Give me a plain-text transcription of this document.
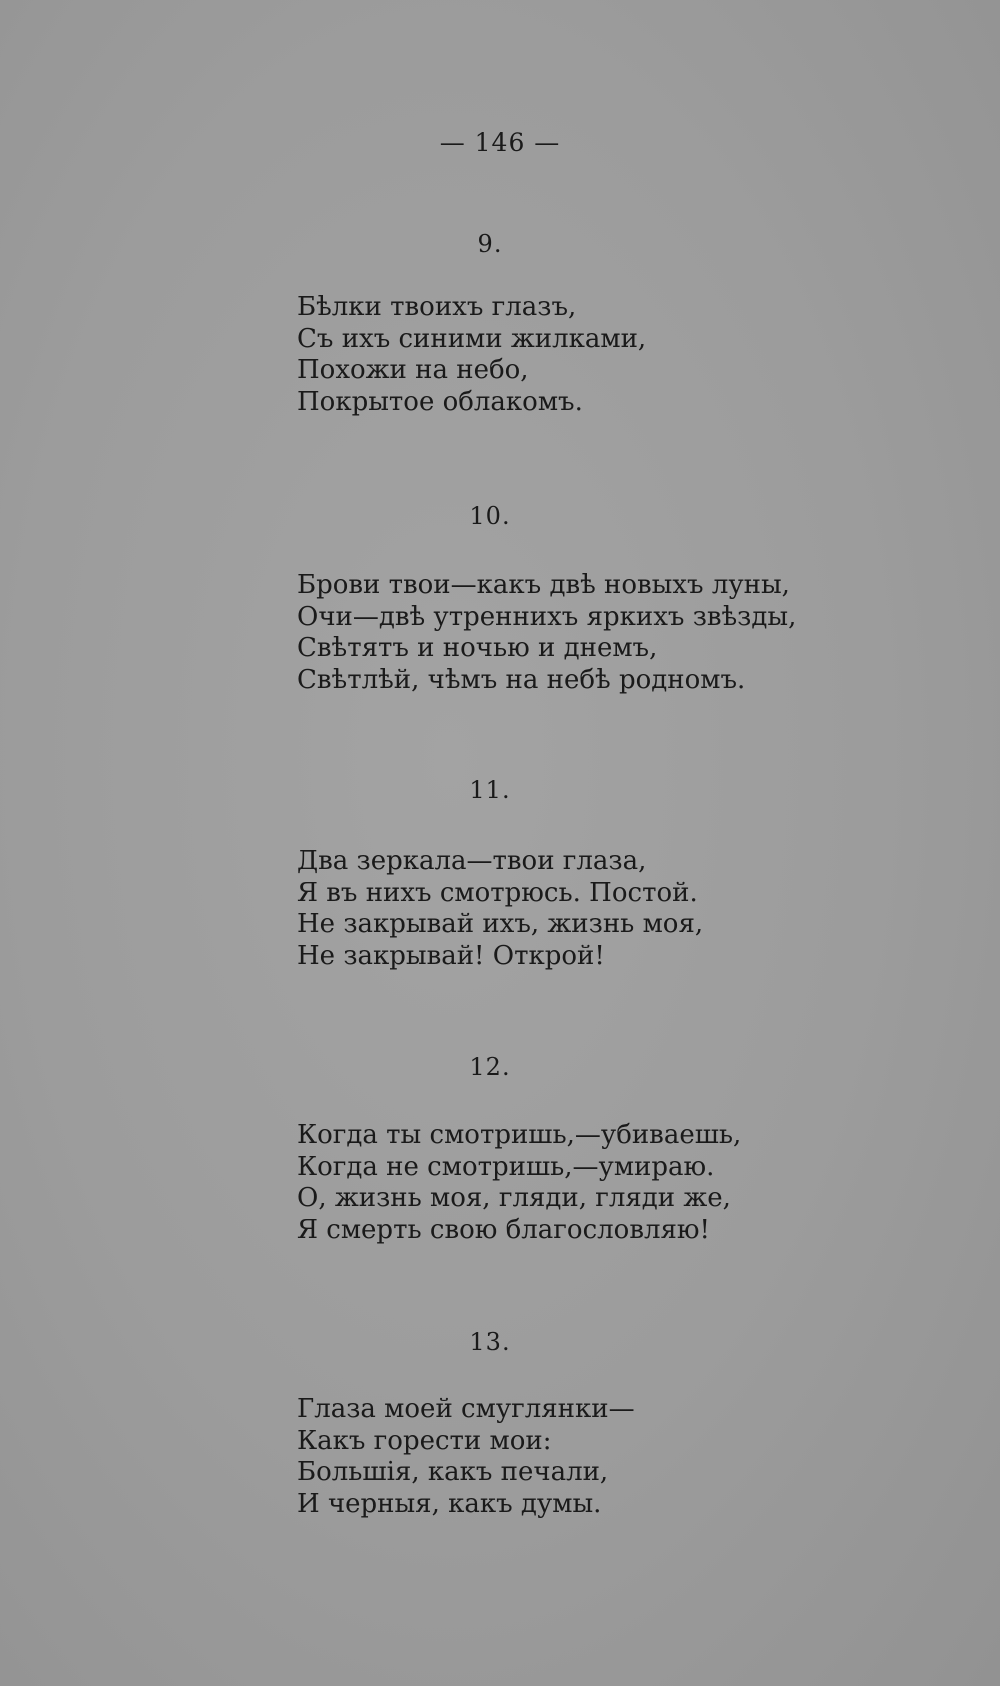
— 146 —
9.
Бѣлки твоихъ глазъ,
Съ ихъ синими жилками,
Похожи на небо,
Покрытое облакомъ.
10.
Брови твои—какъ двѣ новыхъ луны,
Очи—двѣ утреннихъ яркихъ звѣзды,
Свѣтятъ и ночью и днемъ,
Свѣтлѣй, чѣмъ на небѣ родномъ.
11.
Два зеркала—твои глаза,
Я въ нихъ смотрюсь. Постой.
Не закрывай ихъ, жизнь моя,
Не закрывай! Открой!
12.
Когда ты смотришь,—убиваешь,
Когда не смотришь,—умираю.
О, жизнь моя, гляди, гляди же,
Я смерть свою благословляю!
13.
Глаза моей смуглянки—
Какъ горести мои:
Большія, какъ печали,
И черныя, какъ думы.
